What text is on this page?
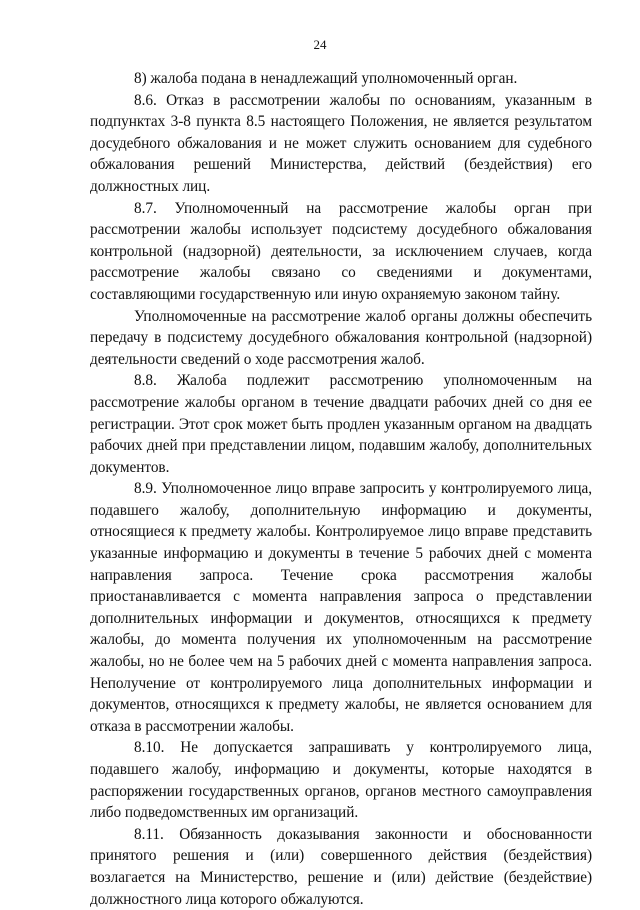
24

8) жалоба подана в ненадлежащий уполномоченный орган.

8.6. Отказ в рассмотрении жалобы по основаниям, указанным в подпунктах 3-8 пункта 8.5 настоящего Положения, не является результатом досудебного обжалования и не может служить основанием для судебного обжалования решений Министерства, действий (бездействия) его должностных лиц.

8.7. Уполномоченный на рассмотрение жалобы орган при рассмотрении жалобы использует подсистему досудебного обжалования контрольной (надзорной) деятельности, за исключением случаев, когда рассмотрение жалобы связано со сведениями и документами, составляющими государственную или иную охраняемую законом тайну.

Уполномоченные на рассмотрение жалоб органы должны обеспечить передачу в подсистему досудебного обжалования контрольной (надзорной) деятельности сведений о ходе рассмотрения жалоб.

8.8. Жалоба подлежит рассмотрению уполномоченным на рассмотрение жалобы органом в течение двадцати рабочих дней со дня ее регистрации. Этот срок может быть продлен указанным органом на двадцать рабочих дней при представлении лицом, подавшим жалобу, дополнительных документов.

8.9. Уполномоченное лицо вправе запросить у контролируемого лица, подавшего жалобу, дополнительную информацию и документы, относящиеся к предмету жалобы. Контролируемое лицо вправе представить указанные информацию и документы в течение 5 рабочих дней с момента направления запроса. Течение срока рассмотрения жалобы приостанавливается с момента направления запроса о представлении дополнительных информации и документов, относящихся к предмету жалобы, до момента получения их уполномоченным на рассмотрение жалобы, но не более чем на 5 рабочих дней с момента направления запроса. Неполучение от контролируемого лица дополнительных информации и документов, относящихся к предмету жалобы, не является основанием для отказа в рассмотрении жалобы.

8.10. Не допускается запрашивать у контролируемого лица, подавшего жалобу, информацию и документы, которые находятся в распоряжении государственных органов, органов местного самоуправления либо подведомственных им организаций.

8.11. Обязанность доказывания законности и обоснованности принятого решения и (или) совершенного действия (бездействия) возлагается на Министерство, решение и (или) действие (бездействие) должностного лица которого обжалуются.
